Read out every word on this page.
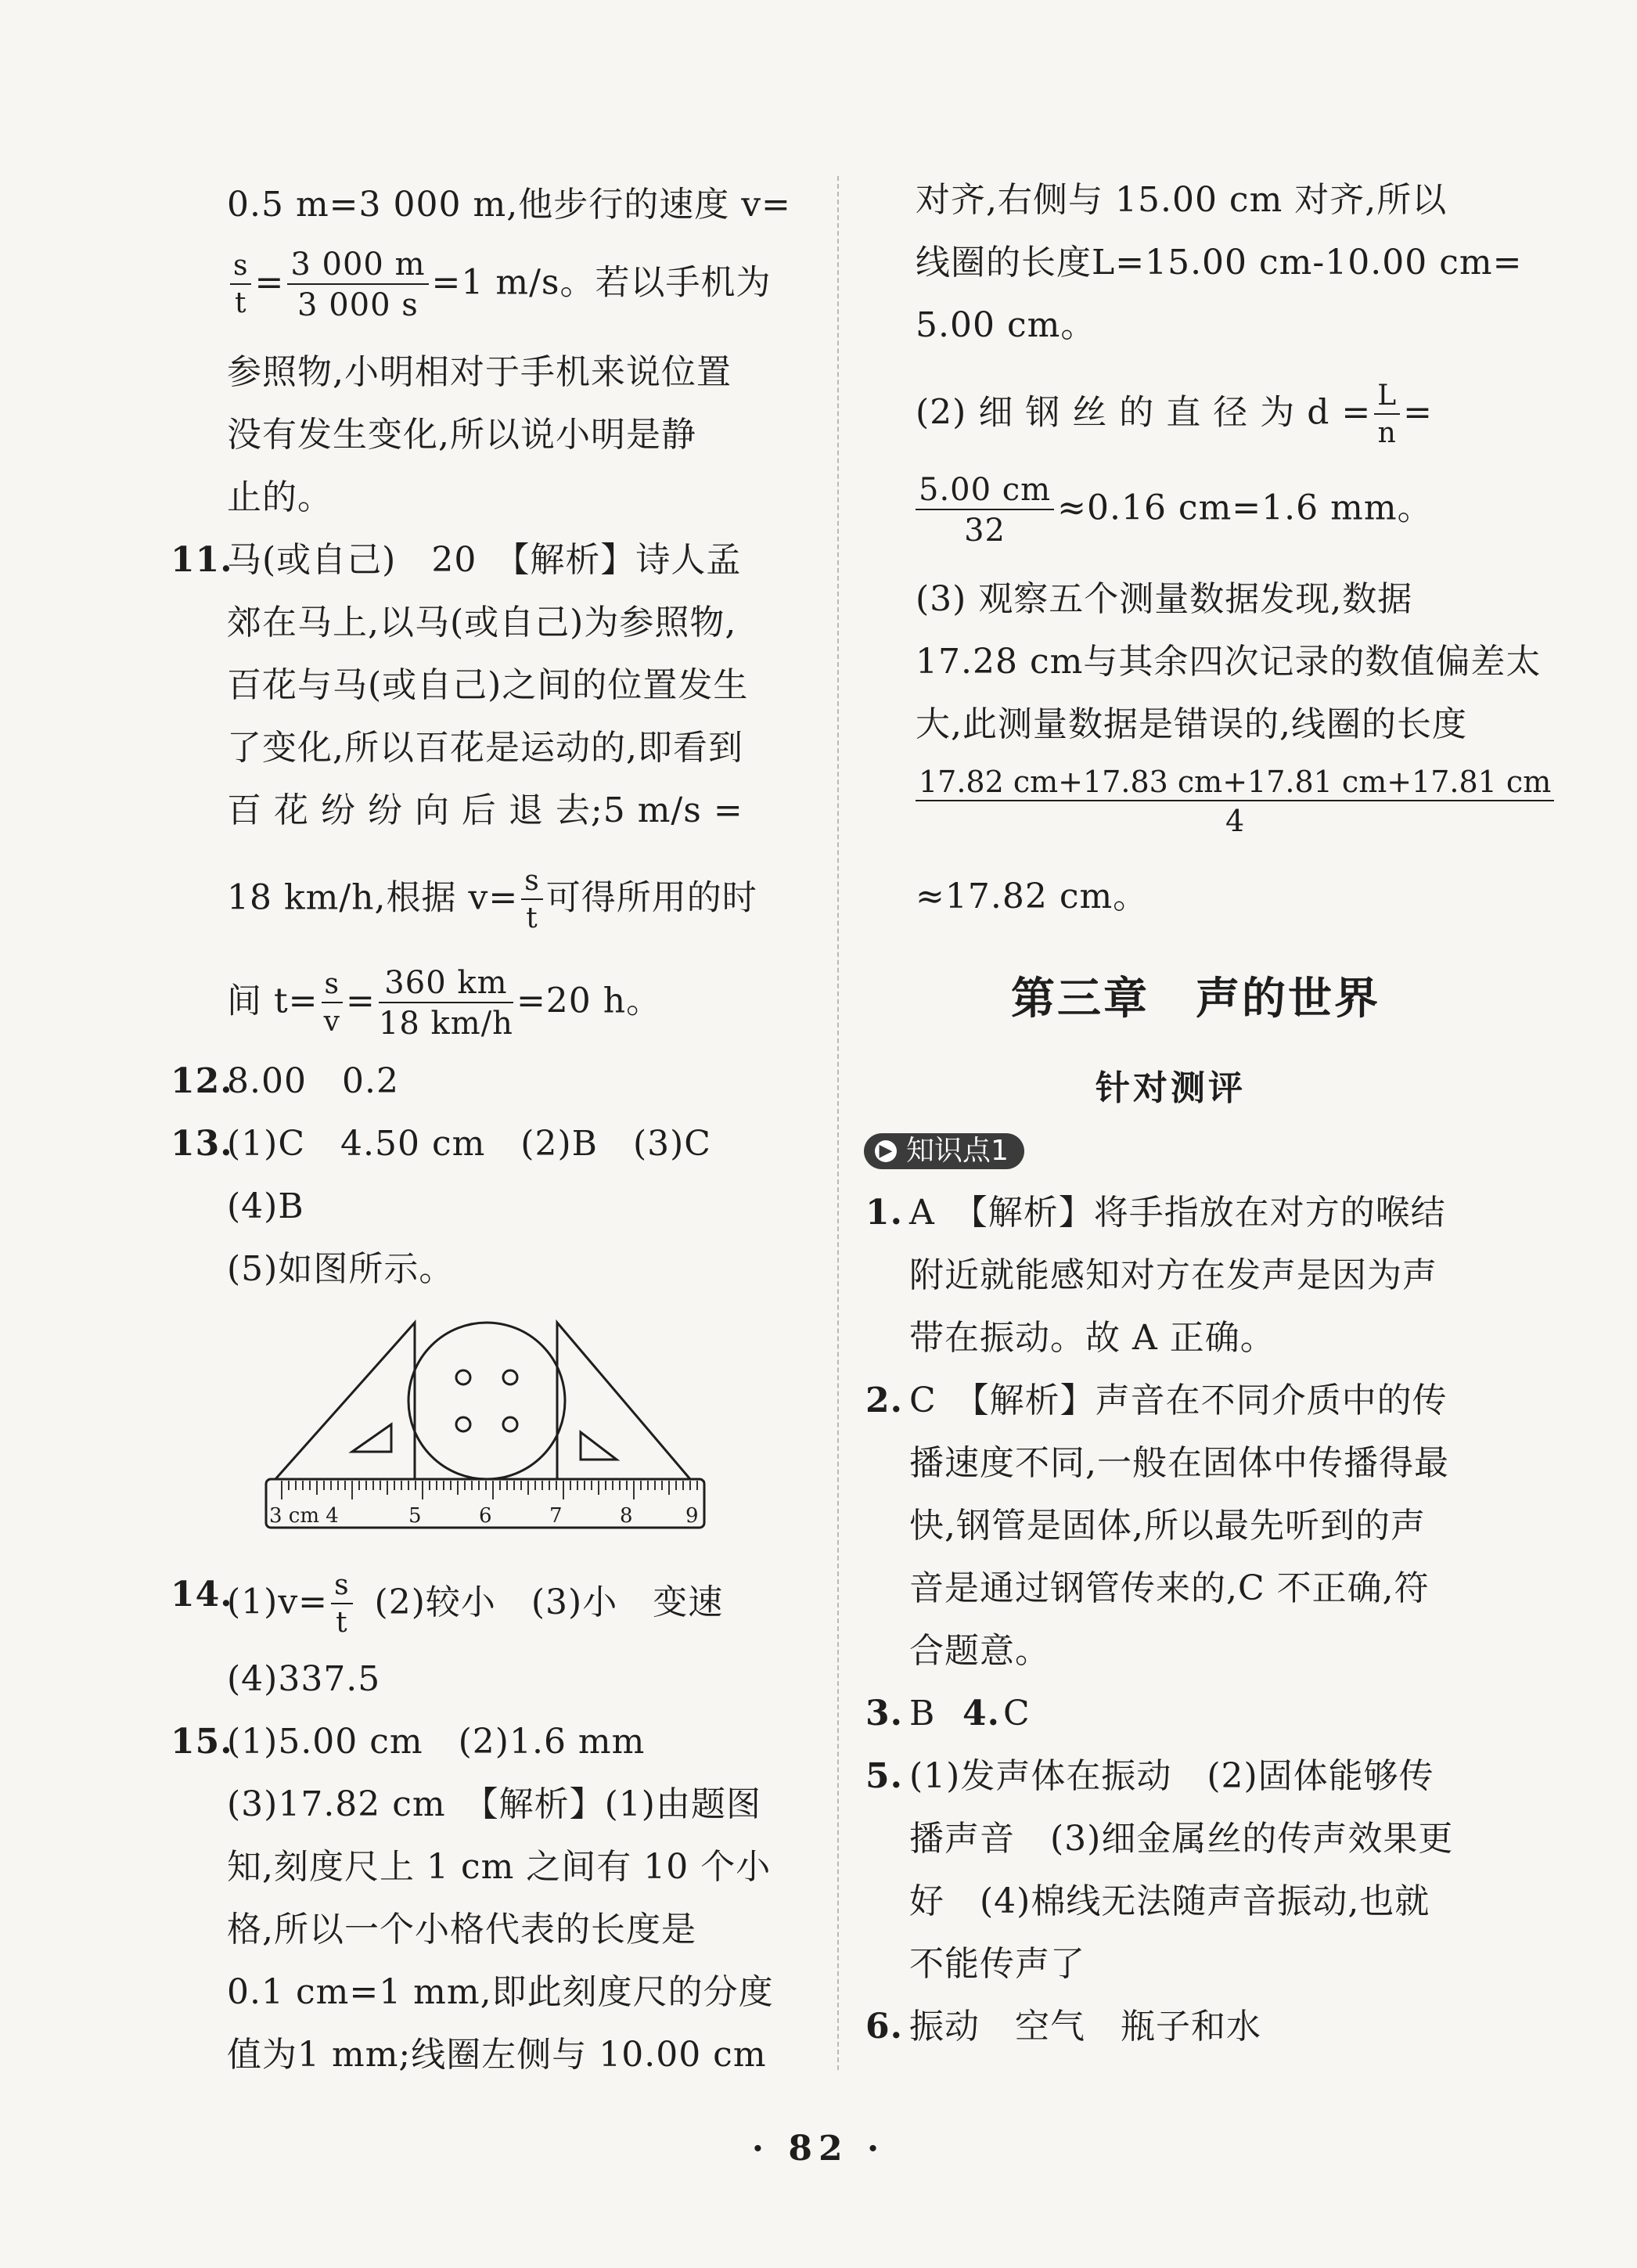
0.5 m=3 000 m,他步行的速度 v=
$\frac{s}{t} = \frac{3 000 m}{3 000 s} =1$ m/s。若以手机为
参照物,小明相对于手机来说位置
没有发生变化,所以说小明是静
止的。
11.
马(或自己)　20　【解析】诗人孟
郊在马上,以马(或自己)为参照物,
百花与马(或自己)之间的位置发生
了变化,所以百花是运动的,即看到
百 花 纷 纷 向 后 退 去;5 m/s =
18 km/h,根据 $v= \frac{s}{t}$ 可得所用的时
间 $t= \frac{s}{v} = \frac{360 km}{18 km/h} =20$ h。
12.
8.00　0.2
13.
(1)C　4.50 cm　(2)B　(3)C
(4)B
(5)如图所示。
3 cm 4	5	6	7	8	9
14.
$(1)v= \frac{s}{t} (2)$较小　(3)小　变速
(4)337.5
15.
(1)5.00 cm　(2)1.6 mm
(3)17.82 cm　【解析】(1)由题图
知,刻度尺上 1 cm 之间有 10 个小
格,所以一个小格代表的长度是
0.1 cm=1 mm,即此刻度尺的分度
值为1 mm;线圈左侧与 10.00 cm
对齐,右侧与 15.00 cm 对齐,所以
线圈的长度L=15.00 cm-10.00 cm=
5.00 cm。
(2) 细 钢 丝 的 直 径 为 $d = \frac{L}{n}$ =
$\frac{5.00 cm}{32} \approx 0.16$ cm=1.6 mm。
(3) 观察五个测量数据发现,数据
17.28 cm与其余四次记录的数值偏差太
大,此测量数据是错误的,线圈的长度
$\frac{17.82 cm+17.83 cm+17.81 cm+17.81 cm}{4}$
≈17.82 cm。
第三章　声的世界
针对测评
▶ 知识点1
1. A　【解析】将手指放在对方的喉结
附近就能感知对方在发声是因为声
带在振动。故 A 正确。
2. C　【解析】声音在不同介质中的传
播速度不同,一般在固体中传播得最
快,钢管是固体,所以最先听到的声
音是通过钢管传来的,C 不正确,符
合题意。
3. B 4. C
5. (1)发声体在振动　(2)固体能够传
播声音　(3)细金属丝的传声效果更
好　(4)棉线无法随声音振动,也就
不能传声了
6. 振动　空气　瓶子和水
· 82 ·
